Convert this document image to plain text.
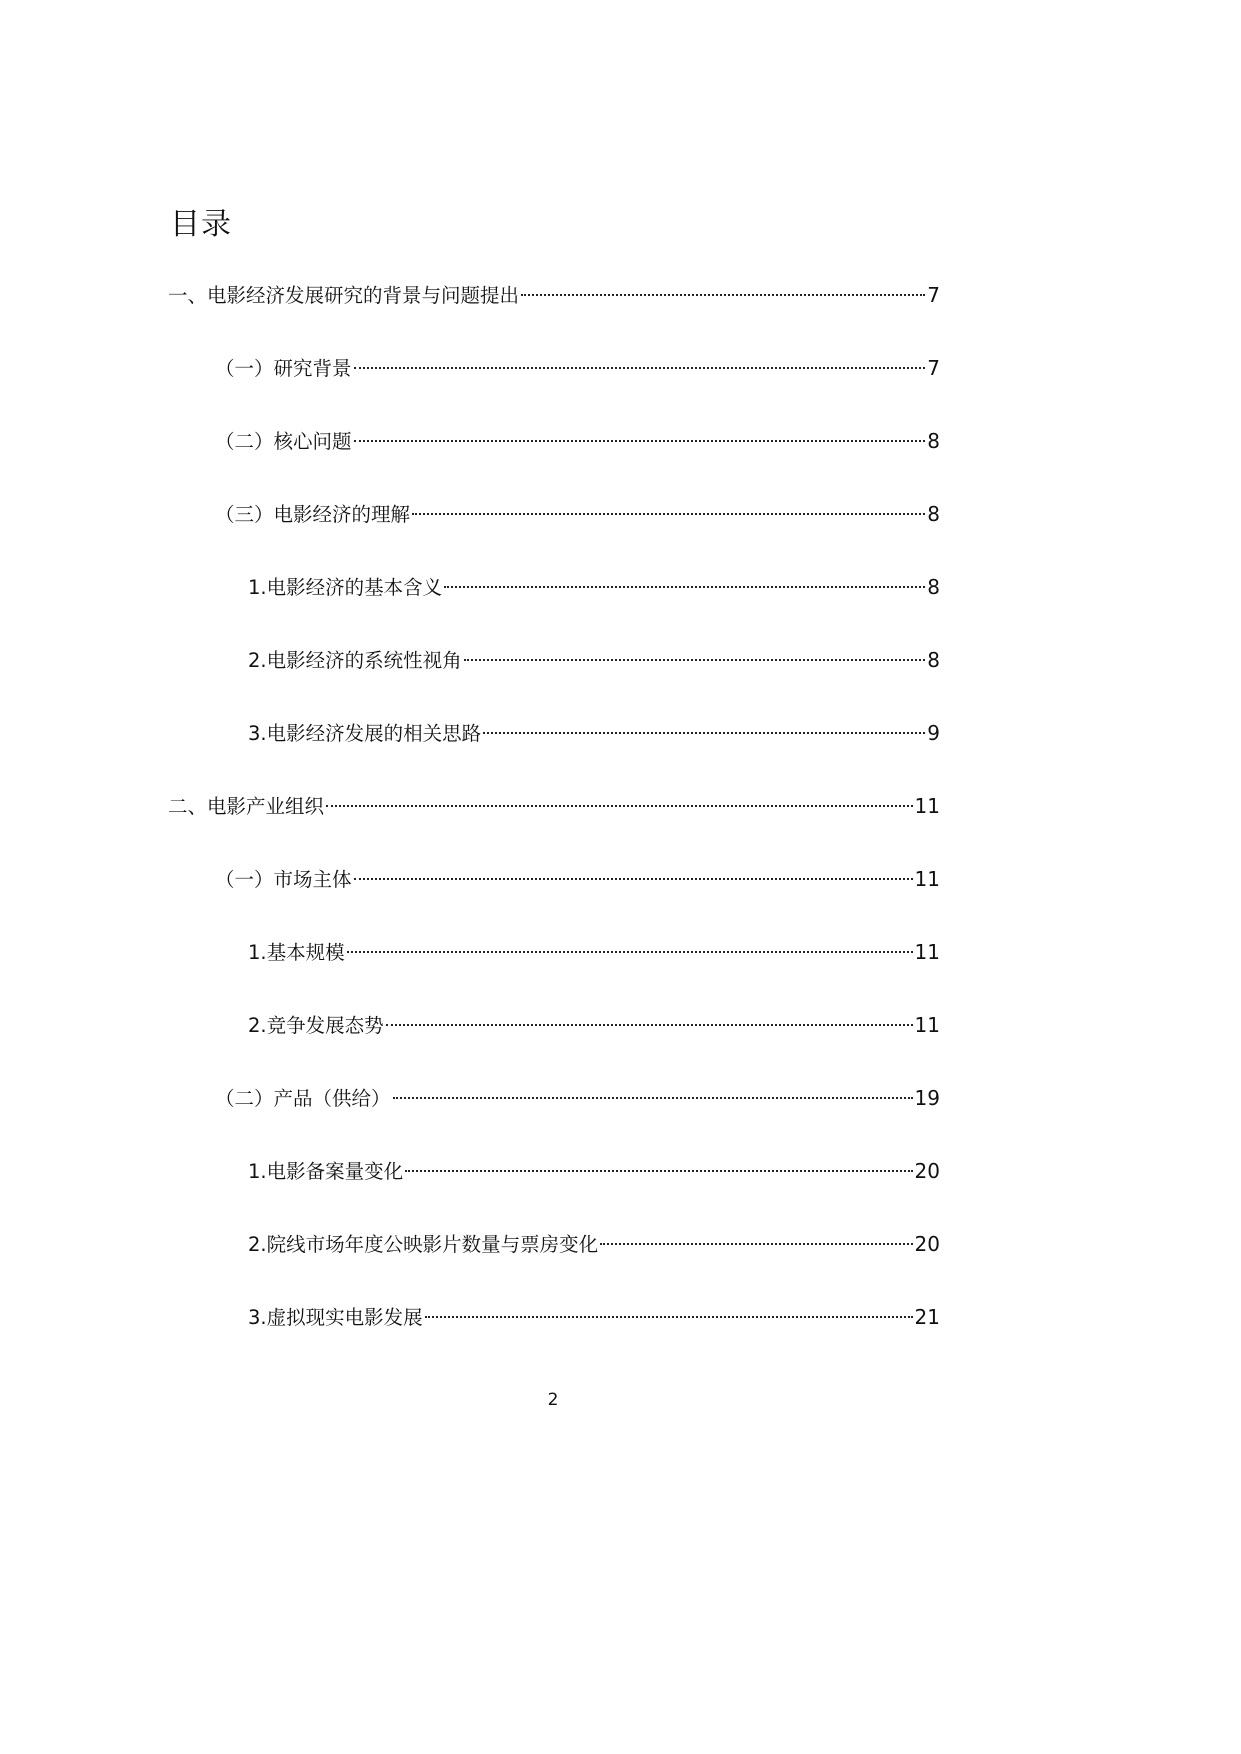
目录
一、电影经济发展研究的背景与问题提出	7
（一）研究背景	7
（二）核心问题	8
（三）电影经济的理解	8
1.电影经济的基本含义	8
2.电影经济的系统性视角	8
3.电影经济发展的相关思路	9
二、电影产业组织	11
（一）市场主体	11
1.基本规模	11
2.竞争发展态势	11
（二）产品（供给）	19
1.电影备案量变化	20
2.院线市场年度公映影片数量与票房变化	20
3.虚拟现实电影发展	21
2
